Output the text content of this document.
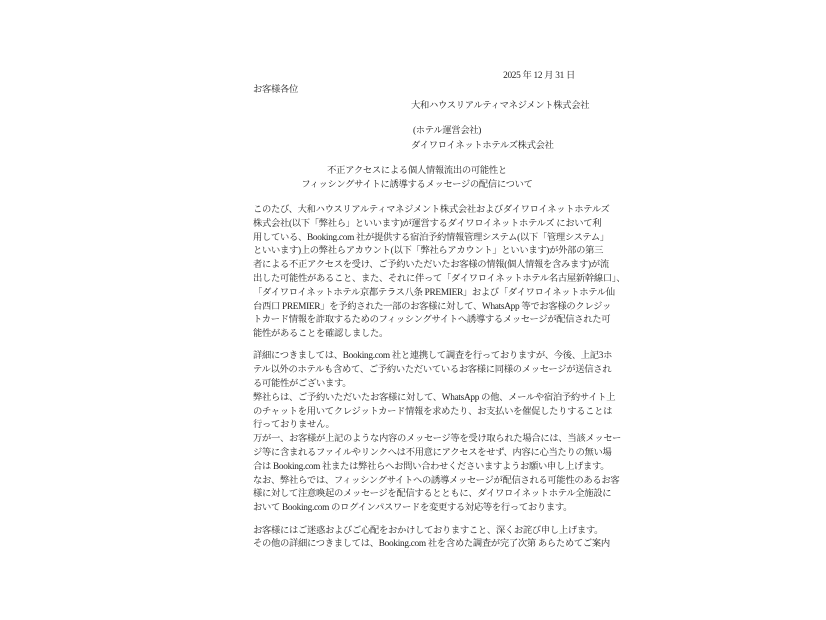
2025 年 12 月 31 日
お客様各位
大和ハウスリアルティマネジメント株式会社
(ホテル運営会社)
ダイワロイネットホテルズ株式会社
不正アクセスによる個人情報流出の可能性と
フィッシングサイトに誘導するメッセージの配信について
このたび、大和ハウスリアルティマネジメント株式会社およびダイワロイネットホテルズ
株式会社(以下「弊社ら」といいます)が運営するダイワロイネットホテルズ において利
用している、Booking.com 社が提供する宿泊予約情報管理システム(以下「管理システム」
といいます)上の弊社らアカウント(以下「弊社らアカウント」といいます)が外部の第三
者による不正アクセスを受け、ご予約いただいたお客様の情報(個人情報を含みます)が流
出した可能性があること、また、それに伴って「ダイワロイネットホテル名古屋新幹線口」、
「ダイワロイネットホテル京都テラス八条 PREMIER」および「ダイワロイネットホテル仙
台西口 PREMIER」を予約された一部のお客様に対して、WhatsApp 等でお客様のクレジッ
トカード情報を詐取するためのフィッシングサイトへ誘導するメッセージが配信された可
能性があることを確認しました。
詳細につきましては、Booking.com 社と連携して調査を行っておりますが、今後、上記3ホ
テル以外のホテルも含めて、ご予約いただいているお客様に同様のメッセージが送信され
る可能性がございます。
弊社らは、ご予約いただいたお客様に対して、WhatsApp の他、メールや宿泊予約サイト上
のチャットを用いてクレジットカード情報を求めたり、お支払いを催促したりすることは
行っておりません。
万が一、お客様が上記のような内容のメッセージ等を受け取られた場合には、当該メッセー
ジ等に含まれるファイルやリンクへは不用意にアクセスをせず、内容に心当たりの無い場
合は Booking.com 社または弊社らへお問い合わせくださいますようお願い申し上げます。
なお、弊社らでは、フィッシングサイトへの誘導メッセージが配信される可能性のあるお客
様に対して注意喚起のメッセージを配信するとともに、ダイワロイネットホテル全施設に
おいて Booking.com のログインパスワードを変更する対応等を行っております。
お客様にはご迷惑およびご心配をおかけしておりますこと、深くお詫び申し上げます。
その他の詳細につきましては、Booking.com 社を含めた調査が完了次第 あらためてご案内
